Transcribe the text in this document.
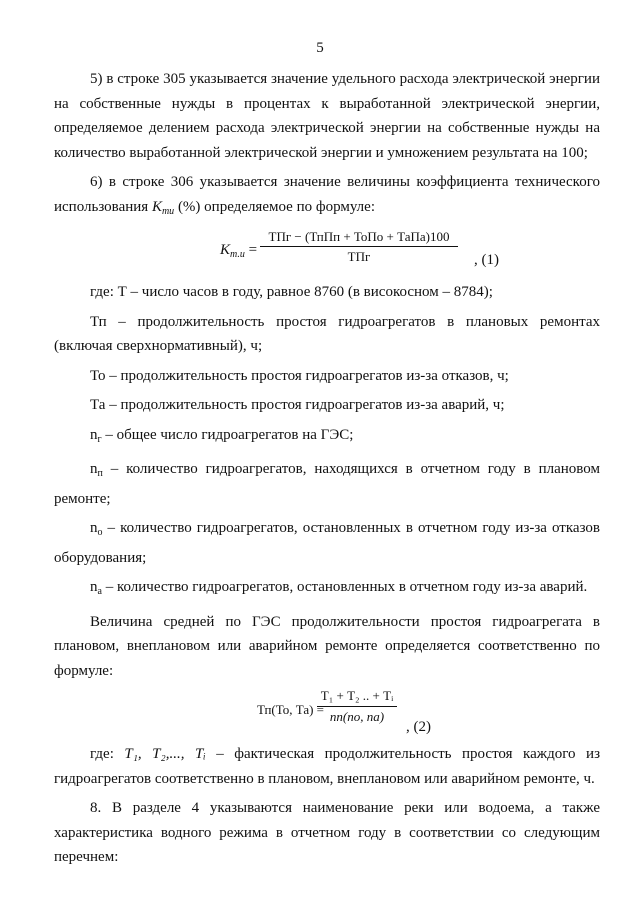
5

5) в строке 305 указывается значение удельного расхода электрической энергии на собственные нужды в процентах к выработанной электрической энергии, определяемое делением расхода электрической энергии на собственные нужды на количество выработанной электрической энергии и умножением результата на 100;

6) в строке 306 указывается значение величины коэффициента технического использования $K_{ти}$ (%) определяемое по формуле:

$K_{т.и}$ =
ТПг − (ТпПп + ТоПо + ТаПа)100
ТПг	, (1)

где: Т – число часов в году, равное 8760 (в високосном – 8784);

Тп – продолжительность простоя гидроагрегатов в плановых ремонтах (включая сверхнормативный), ч;

То – продолжительность простоя гидроагрегатов из-за отказов, ч;

Та – продолжительность простоя гидроагрегатов из-за аварий, ч;

$n_г$ – общее число гидроагрегатов на ГЭС;

$n_п$ – количество гидроагрегатов, находящихся в отчетном году в плановом ремонте;

$n_о$ – количество гидроагрегатов, остановленных в отчетном году из-за отказов оборудования;

$n_а$ – количество гидроагрегатов, остановленных в отчетном году из-за аварий.

Величина средней по ГЭС продолжительности простоя гидроагрегата в плановом, внеплановом или аварийном ремонте определяется соответственно по формуле:

Тп(То, Та) =
Т₁ + Т₂ .. + Тᵢ
nп(nо, nа)
, (2)

где: T₁, T₂,..., Tᵢ – фактическая продолжительность простоя каждого из гидроагрегатов соответственно в плановом, внеплановом или аварийном ремонте, ч.

8. В разделе 4 указываются наименование реки или водоема, а также характеристика водного режима в отчетном году в соответствии со следующим перечнем:
